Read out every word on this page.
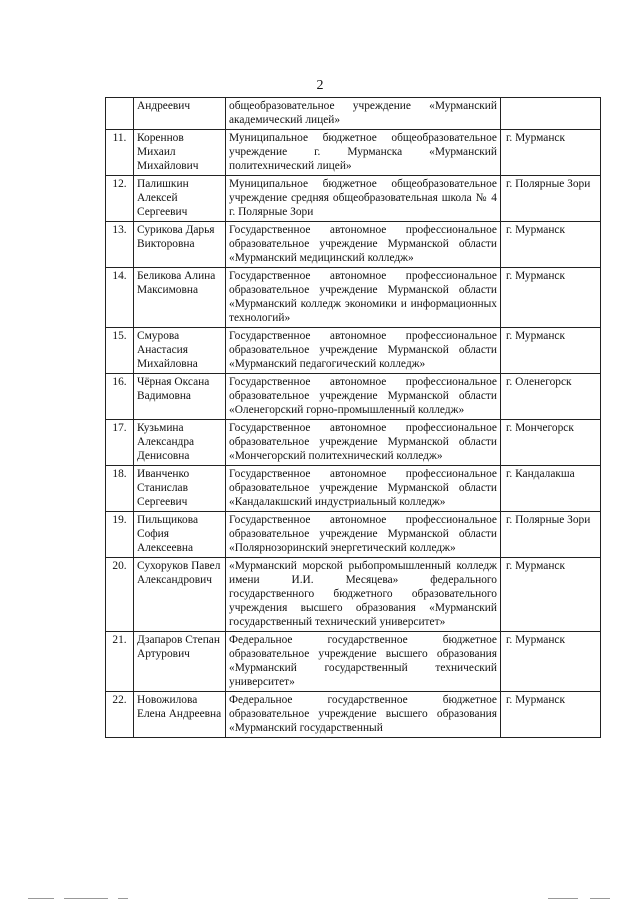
2
	Андреевич	общеобразовательное учреждение «Мурманский академический лицей»	
11.	Кореннов Михаил Михайлович	Муниципальное бюджетное общеобразовательное учреждение г. Мурманска «Мурманский политехнический лицей»	г. Мурманск
12.	Палишкин Алексей Сергеевич	Муниципальное бюджетное общеобразовательное учреждение средняя общеобразовательная школа № 4 г. Полярные Зори	г. Полярные Зори
13.	Сурикова Дарья Викторовна	Государственное автономное профессиональное образовательное учреждение Мурманской области «Мурманский медицинский колледж»	г. Мурманск
14.	Беликова Алина Максимовна	Государственное автономное профессиональное образовательное учреждение Мурманской области «Мурманский колледж экономики и информационных технологий»	г. Мурманск
15.	Смурова Анастасия Михайловна	Государственное автономное профессиональное образовательное учреждение Мурманской области «Мурманский педагогический колледж»	г. Мурманск
16.	Чёрная Оксана Вадимовна	Государственное автономное профессиональное образовательное учреждение Мурманской области «Оленегорский горно-промышленный колледж»	г. Оленегорск
17.	Кузьмина Александра Денисовна	Государственное автономное профессиональное образовательное учреждение Мурманской области «Мончегорский политехнический колледж»	г. Мончегорск
18.	Иванченко Станислав Сергеевич	Государственное автономное профессиональное образовательное учреждение Мурманской области «Кандалакшский индустриальный колледж»	г. Кандалакша
19.	Пильщикова София Алексеевна	Государственное автономное профессиональное образовательное учреждение Мурманской области «Полярнозоринский энергетический колледж»	г. Полярные Зори
20.	Сухоруков Павел Александрович	«Мурманский морской рыбопромышленный колледж имени И.И. Месяцева» федерального государственного бюджетного образовательного учреждения высшего образования «Мурманский государственный технический университет»	г. Мурманск
21.	Дзапаров Степан Артурович	Федеральное государственное бюджетное образовательное учреждение высшего образования «Мурманский государственный технический университет»	г. Мурманск
22.	Новожилова Елена Андреевна	Федеральное государственное бюджетное образовательное учреждение высшего образования «Мурманский государственный	г. Мурманск
